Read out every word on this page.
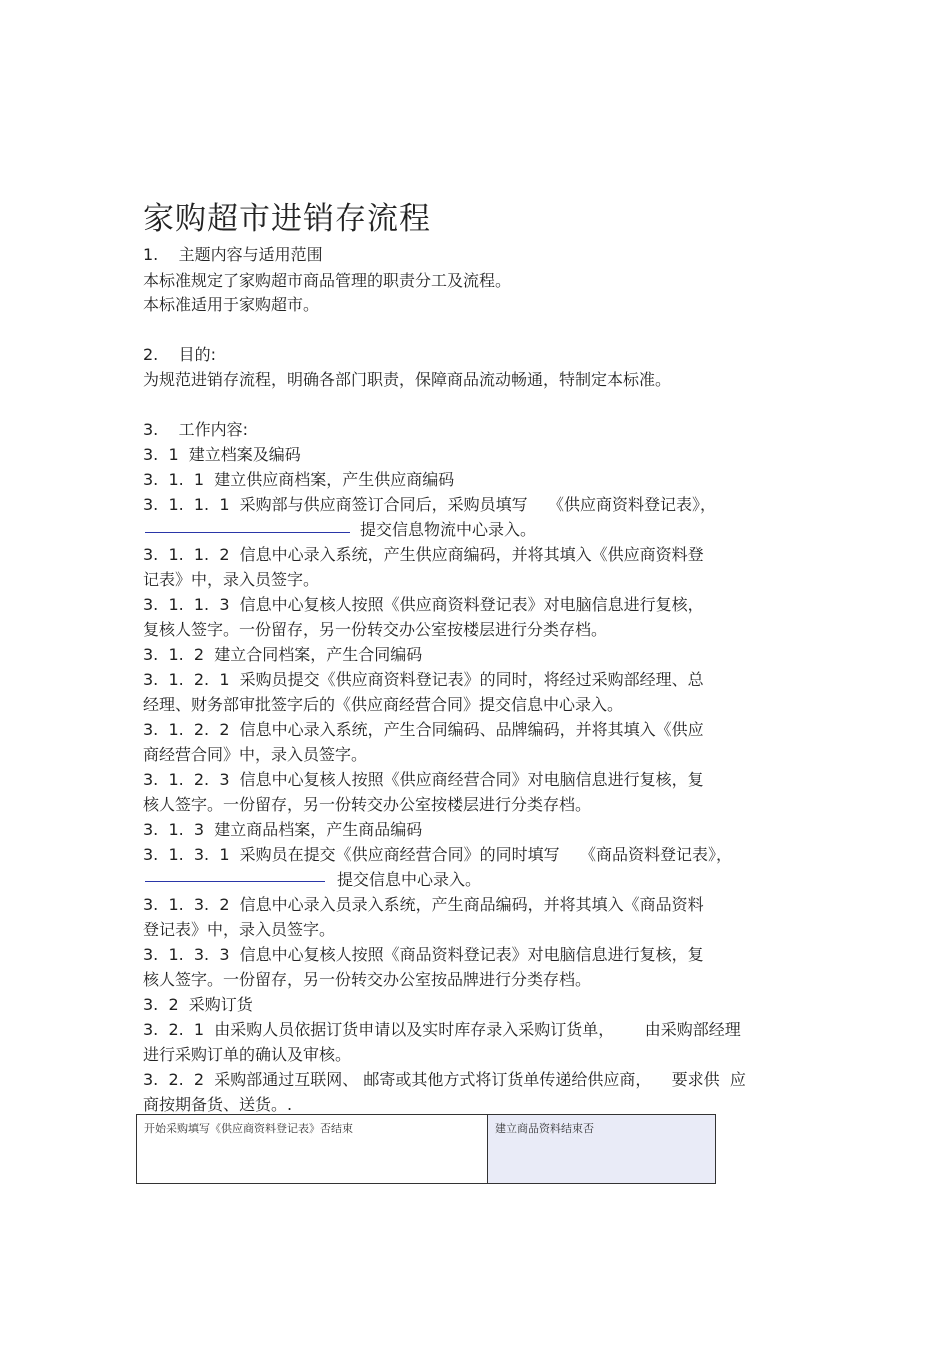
家购超市进销存流程
1.    主题内容与适用范围
本标准规定了家购超市商品管理的职责分工及流程。
本标准适用于家购超市。
2.    目的:
为规范进销存流程，明确各部门职责，保障商品流动畅通，特制定本标准。
3.    工作内容:
3.  1  建立档案及编码
3.  1.  1  建立供应商档案，产生供应商编码
3.  1.  1.  1  采购部与供应商签订合同后，采购员填写    《供应商资料登记表》，
提交信息物流中心录入。
3.  1.  1.  2  信息中心录入系统，产生供应商编码，并将其填入《供应商资料登
记表》中，录入员签字。
3.  1.  1.  3  信息中心复核人按照《供应商资料登记表》对电脑信息进行复核，
复核人签字。一份留存，另一份转交办公室按楼层进行分类存档。
3.  1.  2  建立合同档案，产生合同编码
3.  1.  2.  1  采购员提交《供应商资料登记表》的同时，将经过采购部经理、总
经理、财务部审批签字后的《供应商经营合同》提交信息中心录入。
3.  1.  2.  2  信息中心录入系统，产生合同编码、品牌编码，并将其填入《供应
商经营合同》中，录入员签字。
3.  1.  2.  3  信息中心复核人按照《供应商经营合同》对电脑信息进行复核，复
核人签字。一份留存，另一份转交办公室按楼层进行分类存档。
3.  1.  3  建立商品档案，产生商品编码
3.  1.  3.  1  采购员在提交《供应商经营合同》的同时填写    《商品资料登记表》，
提交信息中心录入。
3.  1.  3.  2  信息中心录入员录入系统，产生商品编码，并将其填入《商品资料
登记表》中，录入员签字。
3.  1.  3.  3  信息中心复核人按照《商品资料登记表》对电脑信息进行复核，复
核人签字。一份留存，另一份转交办公室按品牌进行分类存档。
3.  2  采购订货
3.  2.  1  由采购人员依据订货申请以及实时库存录入采购订货单，      由采购部经理
进行采购订单的确认及审核。
3.  2.  2  采购部通过互联网、 邮寄或其他方式将订货单传递给供应商，    要求供  应
商按期备货、送货。.
开始采购填写《供应商资料登记表》否结束	建立商品资料结束否
